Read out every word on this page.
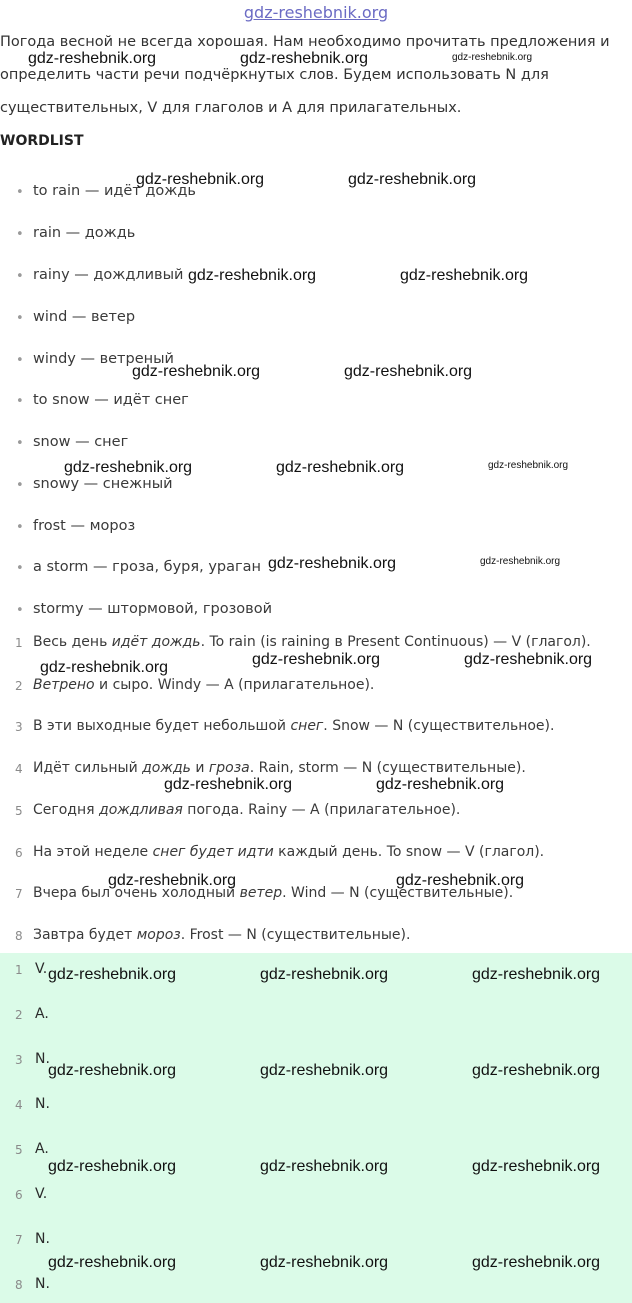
gdz-reshebnik.org
Погода весной не всегда хорошая. Нам необходимо прочитать предложения и
определить части речи подчёркнутых слов. Будем использовать N для
существительных, V для глаголов и A для прилагательных.
WORDLIST
• to rain — идёт дождь
• rain — дождь
• rainy — дождливый
• wind — ветер
• windy — ветреный
• to snow — идёт снег
• snow — снег
• snowy — снежный
• frost — мороз
• a storm — гроза, буря, ураган
• stormy — штормовой, грозовой
1 Весь день идёт дождь. To rain (is raining в Present Continuous) — V (глагол).
2 Ветрено и сыро. Windy — A (прилагательное).
3 В эти выходные будет небольшой снег. Snow — N (существительное).
4 Идёт сильный дождь и гроза. Rain, storm — N (существительные).
5 Сегодня дождливая погода. Rainy — A (прилагательное).
6 На этой неделе снег будет идти каждый день. To snow — V (глагол).
7 Вчера был очень холодный ветер. Wind — N (существительные).
8 Завтра будет мороз. Frost — N (существительные).
1 V.
2 A.
3 N.
4 N.
5 A.
6 V.
7 N.
8 N.
gdz-reshebnik.org	gdz-reshebnik.org	gdz-reshebnik.org
gdz-reshebnik.org	gdz-reshebnik.org
gdz-reshebnik.org	gdz-reshebnik.org
gdz-reshebnik.org	gdz-reshebnik.org
gdz-reshebnik.org	gdz-reshebnik.org	gdz-reshebnik.org
gdz-reshebnik.org	gdz-reshebnik.org
gdz-reshebnik.org	gdz-reshebnik.org
gdz-reshebnik.org
gdz-reshebnik.org	gdz-reshebnik.org
gdz-reshebnik.org	gdz-reshebnik.org
gdz-reshebnik.org	gdz-reshebnik.org	gdz-reshebnik.org
gdz-reshebnik.org	gdz-reshebnik.org	gdz-reshebnik.org
gdz-reshebnik.org	gdz-reshebnik.org	gdz-reshebnik.org
gdz-reshebnik.org	gdz-reshebnik.org	gdz-reshebnik.org
